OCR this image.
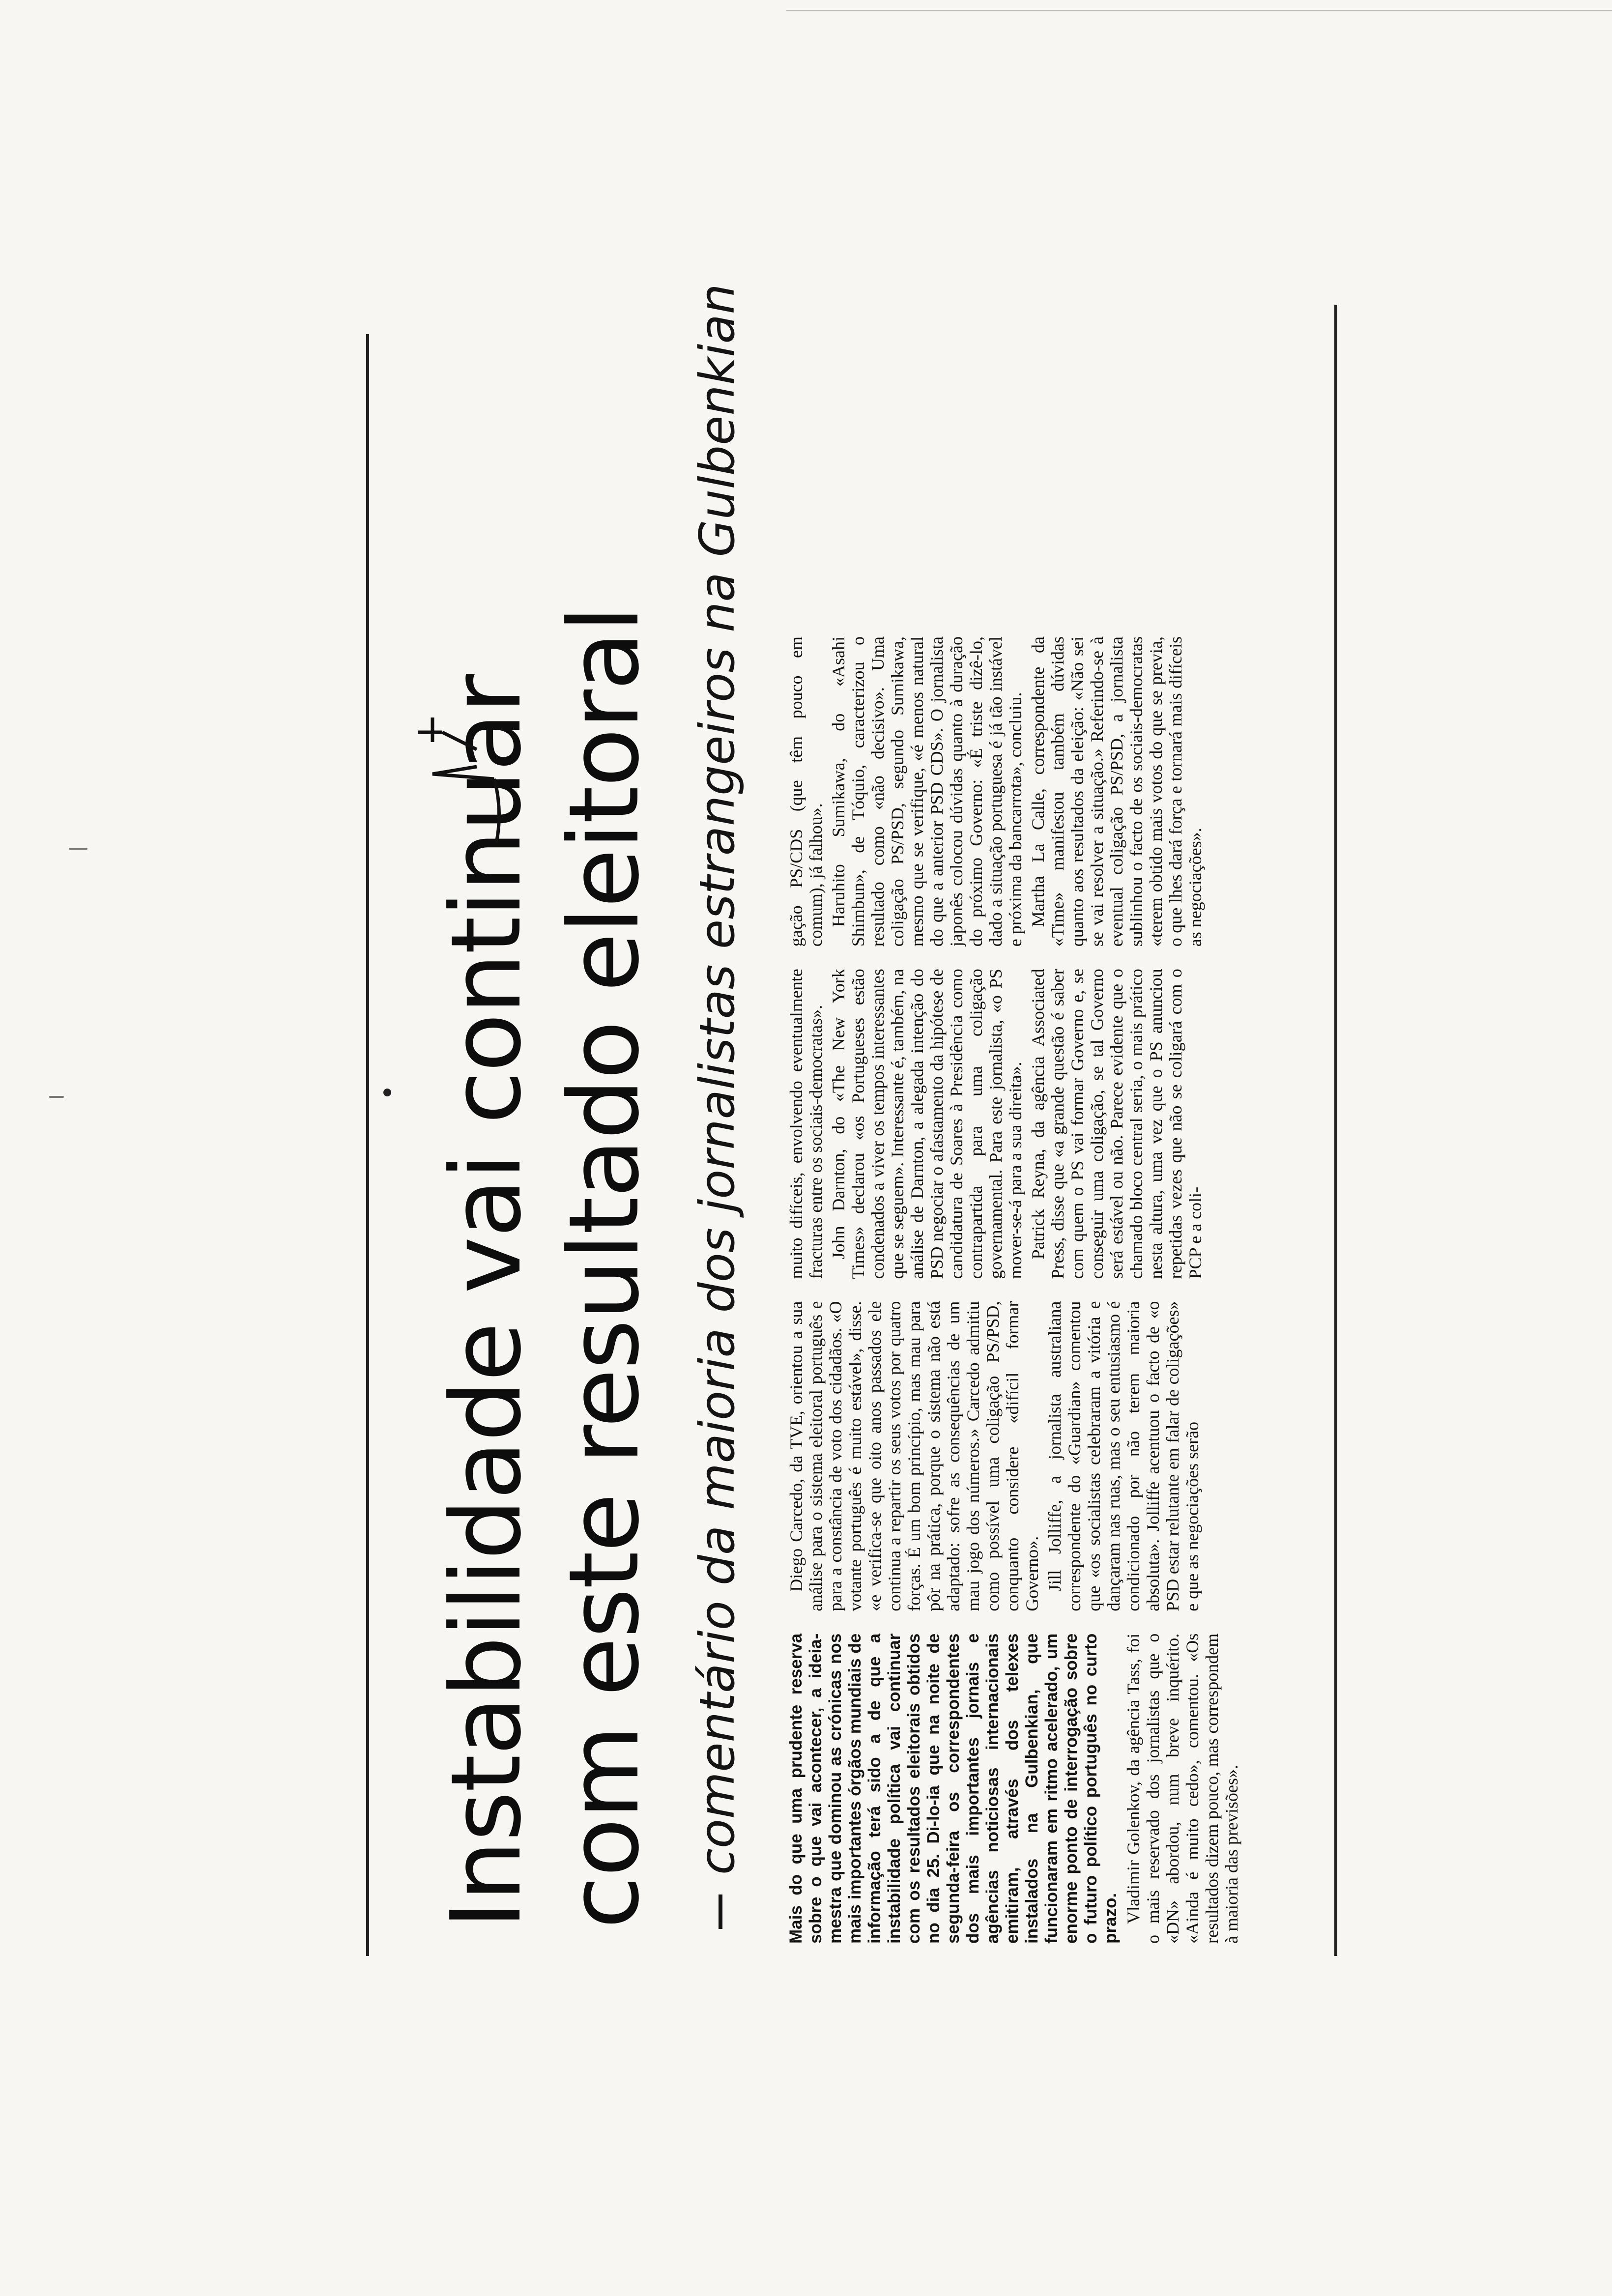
Instabilidade vai continuar com este resultado eleitoral comentário da maioria dos jornalistas estrangeiros na Gulbenkian Mais do que uma prudente reserva sobre o que vai acontecer, a ideia-mestra que dominou as crónicas nos mais importantes órgãos mundiais de informação terá sido a de que a instabilidade política vai continuar com os resultados eleitorais obtidos no dia 25. Di-lo-ia que na noite de segunda-feira os correspondentes dos mais importantes jornais e agências noticiosas internacionais emitiram, através dos telexes instalados na Gulbenkian, que funcionaram em ritmo acelerado, um enorme ponto de interrogação sobre o futuro político português no curto prazo. Vladimir Golenkov, da agência Tass, foi o mais reservado dos jornalistas que o «DN» abordou, num breve inquérito. «Ainda é muito cedo», comentou. «Os resultados dizem pouco, mas correspondem à maioria das previsões».

Diego Carcedo, da TVE, orientou a sua análise para o sistema eleitoral português e para a constância de voto dos cidadãos. «O votante português é muito estável», disse. «e verifica-se que oito anos passados ele continua a repartir os seus votos por quatro forças. É um bom princípio, mas mau para pôr na prática, porque o sistema não está adaptado: sofre as consequências de um mau jogo dos números.» Carcedo admitiu como possível uma coligação PS/PSD, conquanto considere «difícil formar Governo». Jill Jolliffe, a jornalista australiana correspondente do «Guardian» comentou que «os socialistas celebraram a vitória e dançaram nas ruas, mas o seu entusiasmo é condicionado por não terem maioria absoluta». Jolliffe acentuou o facto de «o PSD estar relutante em falar de coligações» e que as negociações serão

muito difíceis, envolvendo eventualmente fracturas entre os sociais-democratas». John Darnton, do «The New York Times» declarou «os Portugueses estão condenados a viver os tempos interessantes que se seguem». Interessante é, também, na análise de Darnton, a alegada intenção do PSD negociar o afastamento da hipótese de candidatura de Soares à Presidência como contrapartida para uma coligação governamental. Para este jornalista, «o PS mover-se-á para a sua direita». Patrick Reyna, da agência Associated Press, disse que «a grande questão é saber com quem o PS vai formar Governo e, se conseguir uma coligação, se tal Governo será estável ou não. Parece evidente que o chamado bloco central seria, o mais prático nesta altura, uma vez que o PS anunciou repetidas vezes que não se coligará com o PCP e a coli-

gação PS/CDS (que têm pouco em comum), já falhou». Haruhito Sumikawa, do «Asahi Shimbun», de Tóquio, caracterizou o resultado como «não decisivo». Uma coligação PS/PSD, segundo Sumikawa, mesmo que se verifique, «é menos natural do que a anterior PSD CDS». O jornalista japonês colocou dúvidas quanto à duração do próximo Governo: «É triste dizê-lo, dado a situação portuguesa é já tão instável e próxima da bancarrota», concluiu. Martha La Calle, correspondente da «Time» manifestou também dúvidas quanto aos resultados da eleição: «Não sei se vai resolver a situação.» Referindo-se à eventual coligação PS/PSD, a jornalista sublinhou o facto de os sociais-democratas «terem obtido mais votos do que se previa, o que lhes dará força e tornará mais difíceis as negociações».
